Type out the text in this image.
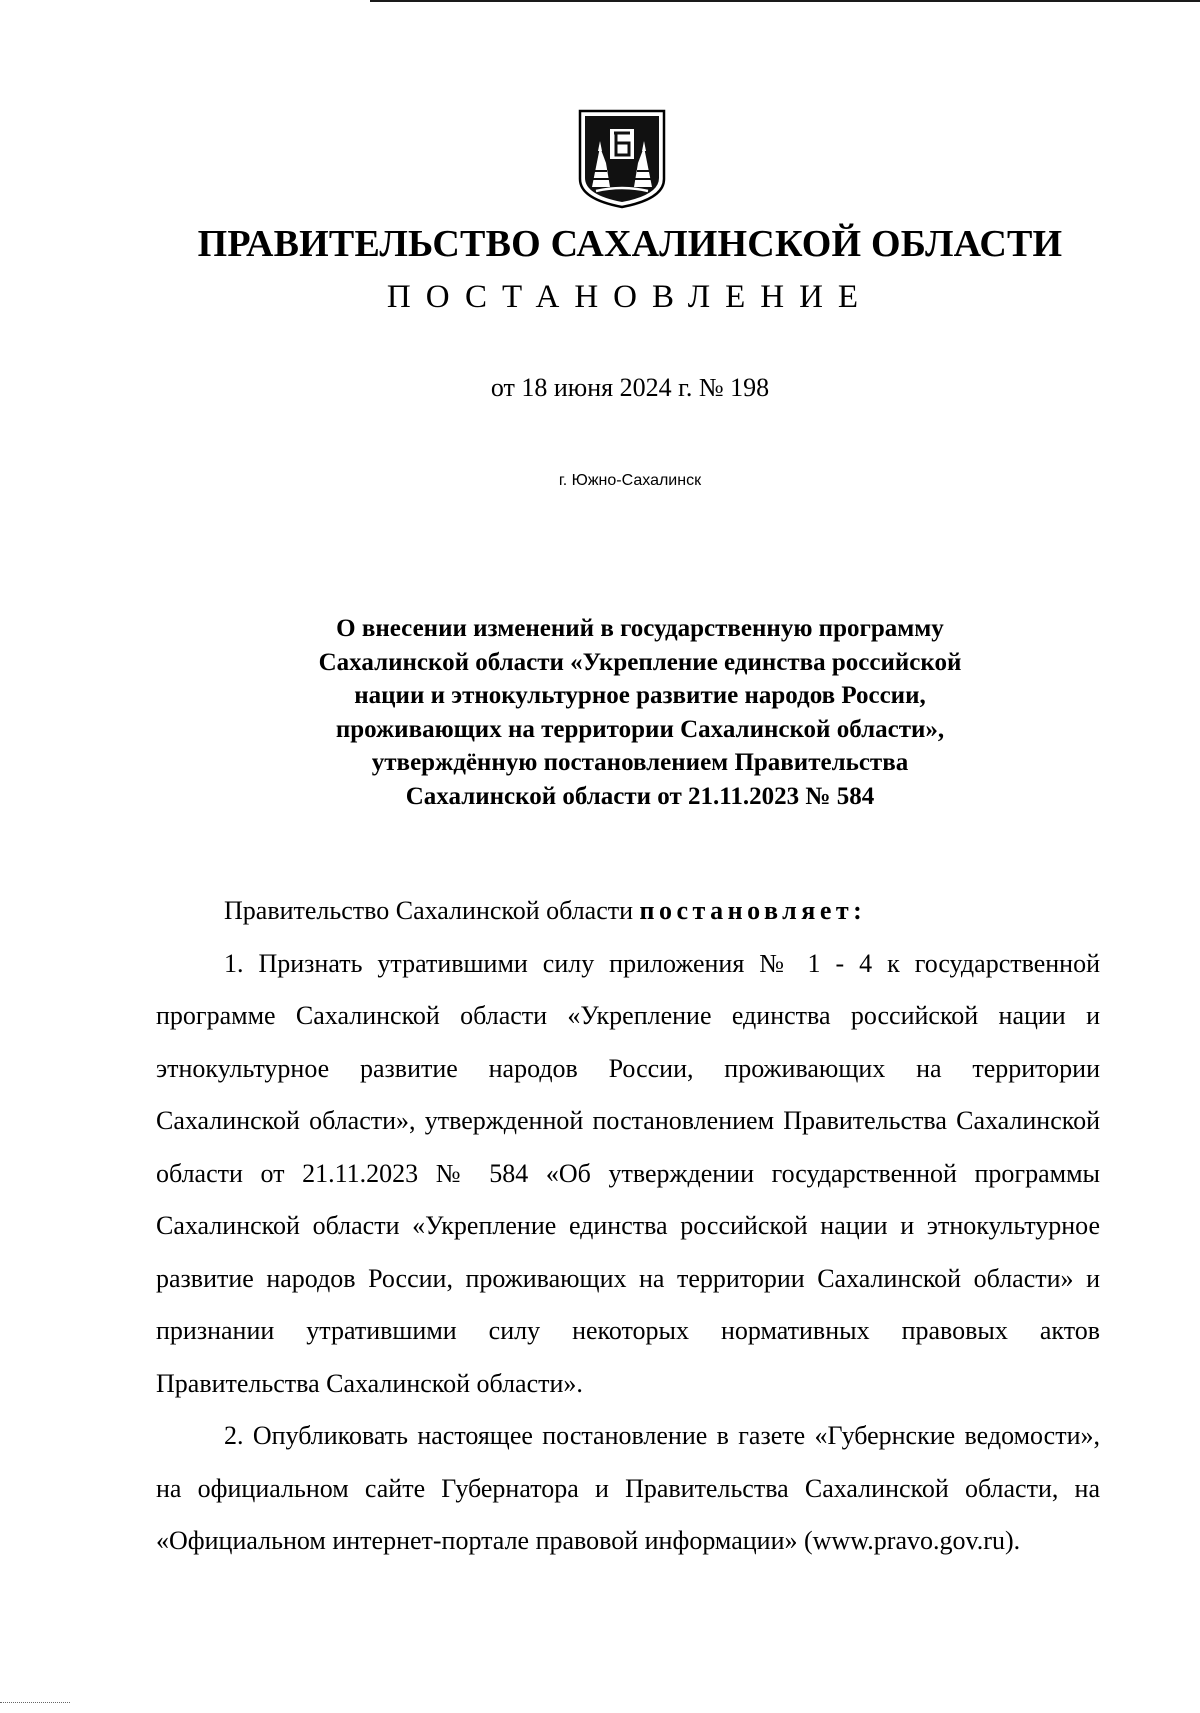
ПРАВИТЕЛЬСТВО САХАЛИНСКОЙ ОБЛАСТИ
ПОСТАНОВЛЕНИЕ
от 18 июня 2024 г. № 198
г. Южно-Сахалинск
О внесении изменений в государственную программу
Сахалинской области «Укрепление единства российской
нации и этнокультурное развитие народов России,
проживающих на территории Сахалинской области»,
утверждённую постановлением Правительства
Сахалинской области от 21.11.2023 № 584

Правительство Сахалинской области постановляет:

1. Признать утратившими силу приложения № 1 - 4 к государственной программе Сахалинской области «Укрепление единства российской нации и этнокультурное развитие народов России, проживающих на территории Сахалинской области», утвержденной постановлением Правительства Сахалинской области от 21.11.2023 № 584 «Об утверждении государственной программы Сахалинской области «Укрепление единства российской нации и этнокультурное развитие народов России, проживающих на территории Сахалинской области» и признании утратившими силу некоторых нормативных правовых актов Правительства Сахалинской области».

2. Опубликовать настоящее постановление в газете «Губернские ведомости», на официальном сайте Губернатора и Правительства Сахалинской области, на «Официальном интернет-портале правовой информации» (www.pravo.gov.ru).
